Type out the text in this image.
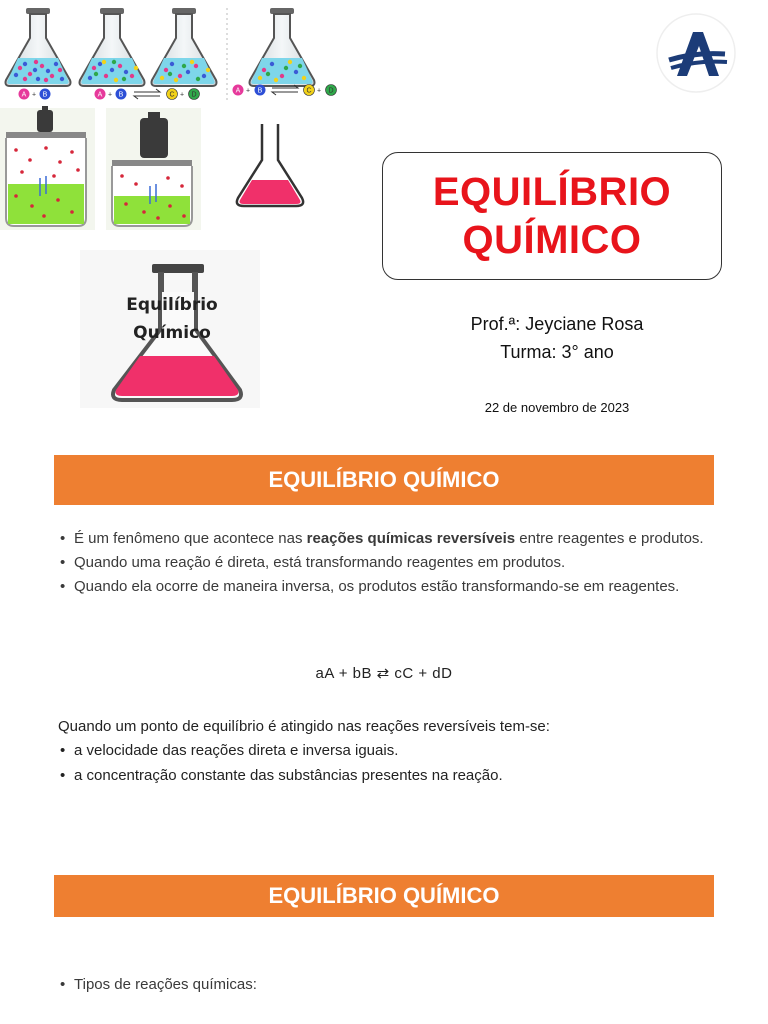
A + B	A + B	C + D
A + B	C + D
Equilíbrio
Químico
EQUILÍBRIO
QUÍMICO
Prof.ª: Jeyciane Rosa
Turma: 3° ano
22 de novembro de 2023
EQUILÍBRIO QUÍMICO
• É um fenômeno que acontece nas reações químicas reversíveis entre reagentes e produtos.
• Quando uma reação é direta, está transformando reagentes em produtos.
• Quando ela ocorre de maneira inversa, os produtos estão transformando-se em reagentes.
aA + bB ⇄ cC + dD
Quando um ponto de equilíbrio é atingido nas reações reversíveis tem-se:
• a velocidade das reações direta e inversa iguais.
• a concentração constante das substâncias presentes na reação.
EQUILÍBRIO QUÍMICO
• Tipos de reações químicas:
